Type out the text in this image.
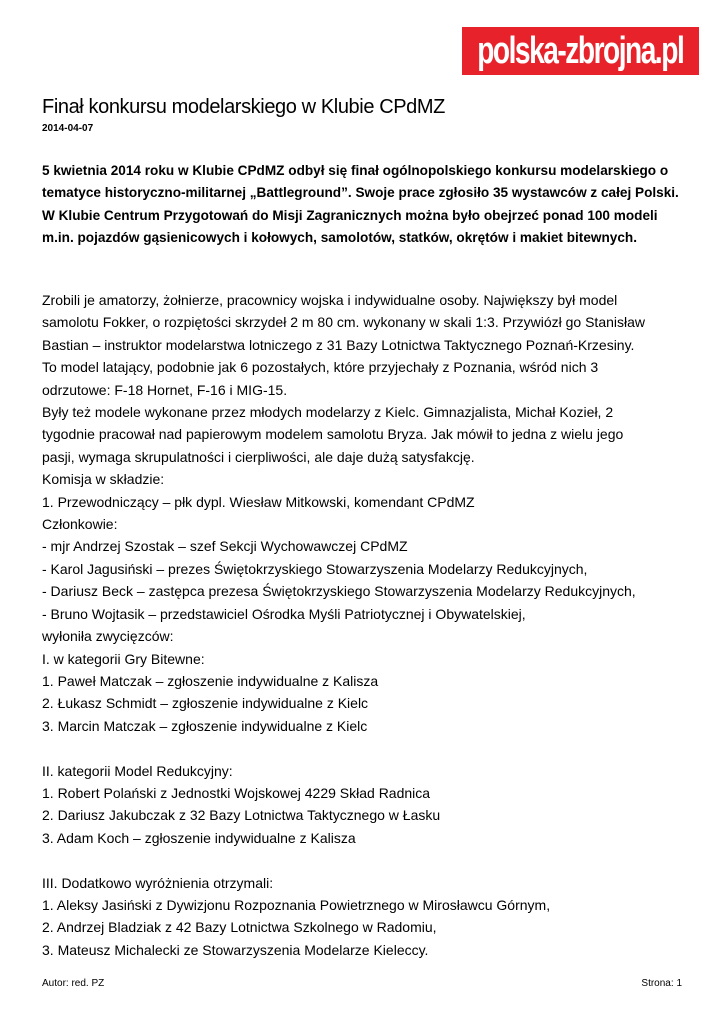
polska-zbrojna.pl
Finał konkursu modelarskiego w Klubie CPdMZ
2014-04-07
5 kwietnia 2014 roku w Klubie CPdMZ odbył się finał ogólnopolskiego konkursu modelarskiego o
tematyce historyczno-militarnej „Battleground”. Swoje prace zgłosiło 35 wystawców z całej Polski.
W Klubie Centrum Przygotowań do Misji Zagranicznych można było obejrzeć ponad 100 modeli
m.in. pojazdów gąsienicowych i kołowych, samolotów, statków, okrętów i makiet bitewnych.
Zrobili je amatorzy, żołnierze, pracownicy wojska i indywidualne osoby. Największy był model
samolotu Fokker, o rozpiętości skrzydeł 2 m 80 cm. wykonany w skali 1:3. Przywiózł go Stanisław
Bastian – instruktor modelarstwa lotniczego z 31 Bazy Lotnictwa Taktycznego Poznań-Krzesiny.
To model latający, podobnie jak 6 pozostałych, które przyjechały z Poznania, wśród nich 3
odrzutowe: F-18 Hornet, F-16 i MIG-15.
Były też modele wykonane przez młodych modelarzy z Kielc. Gimnazjalista, Michał Kozieł, 2
tygodnie pracował nad papierowym modelem samolotu Bryza. Jak mówił to jedna z wielu jego
pasji, wymaga skrupulatności i cierpliwości, ale daje dużą satysfakcję.
Komisja w składzie:
1. Przewodniczący – płk dypl. Wiesław Mitkowski, komendant CPdMZ
Członkowie:
- mjr Andrzej Szostak – szef Sekcji Wychowawczej CPdMZ
- Karol Jagusiński – prezes Świętokrzyskiego Stowarzyszenia Modelarzy Redukcyjnych,
- Dariusz Beck – zastępca prezesa Świętokrzyskiego Stowarzyszenia Modelarzy Redukcyjnych,
- Bruno Wojtasik – przedstawiciel Ośrodka Myśli Patriotycznej i Obywatelskiej,
wyłoniła zwycięzców:
I. w kategorii Gry Bitewne:
1. Paweł Matczak – zgłoszenie indywidualne z Kalisza
2. Łukasz Schmidt – zgłoszenie indywidualne z Kielc
3. Marcin Matczak – zgłoszenie indywidualne z Kielc
II. kategorii Model Redukcyjny:
1. Robert Polański z Jednostki Wojskowej 4229 Skład Radnica
2. Dariusz Jakubczak z 32 Bazy Lotnictwa Taktycznego w Łasku
3. Adam Koch – zgłoszenie indywidualne z Kalisza
III. Dodatkowo wyróżnienia otrzymali:
1. Aleksy Jasiński z Dywizjonu Rozpoznania Powietrznego w Mirosławcu Górnym,
2. Andrzej Bladziak z 42 Bazy Lotnictwa Szkolnego w Radomiu,
3. Mateusz Michalecki ze Stowarzyszenia Modelarze Kieleccy.
Autor: red. PZ	Strona: 1
